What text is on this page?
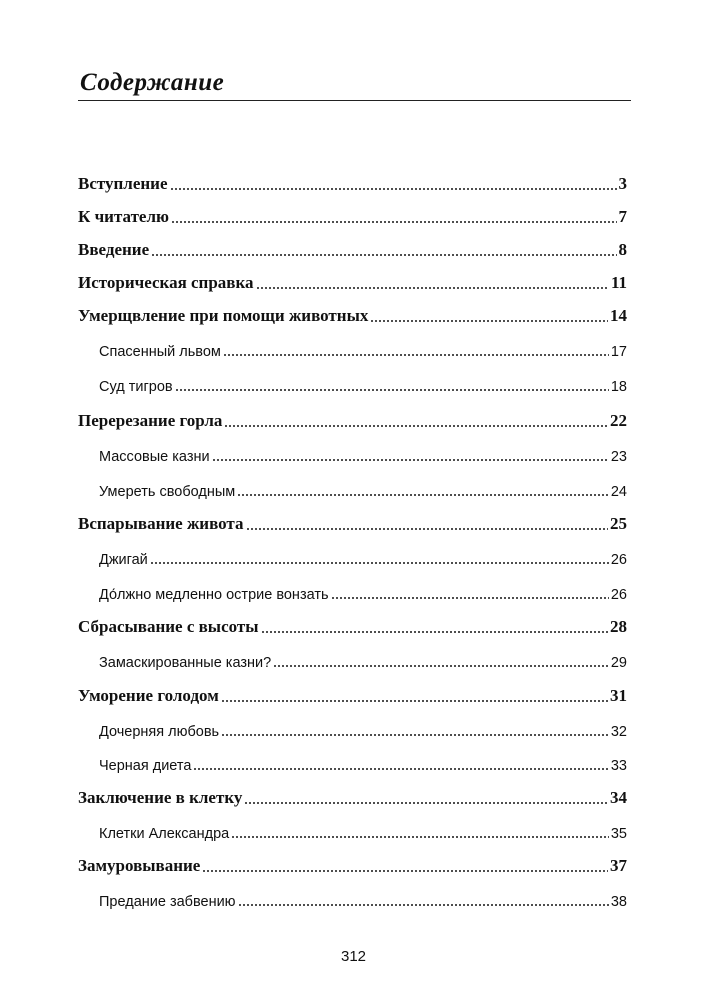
Содержание
Вступление	3
К читателю	7
Введение	8
Историческая справка	11
Умерщвление при помощи животных	14
Спасенный львом	17
Суд тигров	18
Перерезание горла	22
Массовые казни	23
Умереть свободным	24
Вспарывание живота	25
Джигай	26
До́лжно медленно острие вонзать	26
Сбрасывание с высоты	28
Замаскированные казни?	29
Уморение голодом	31
Дочерняя любовь	32
Черная диета	33
Заключение в клетку	34
Клетки Александра	35
Замуровывание	37
Предание забвению	38
312
